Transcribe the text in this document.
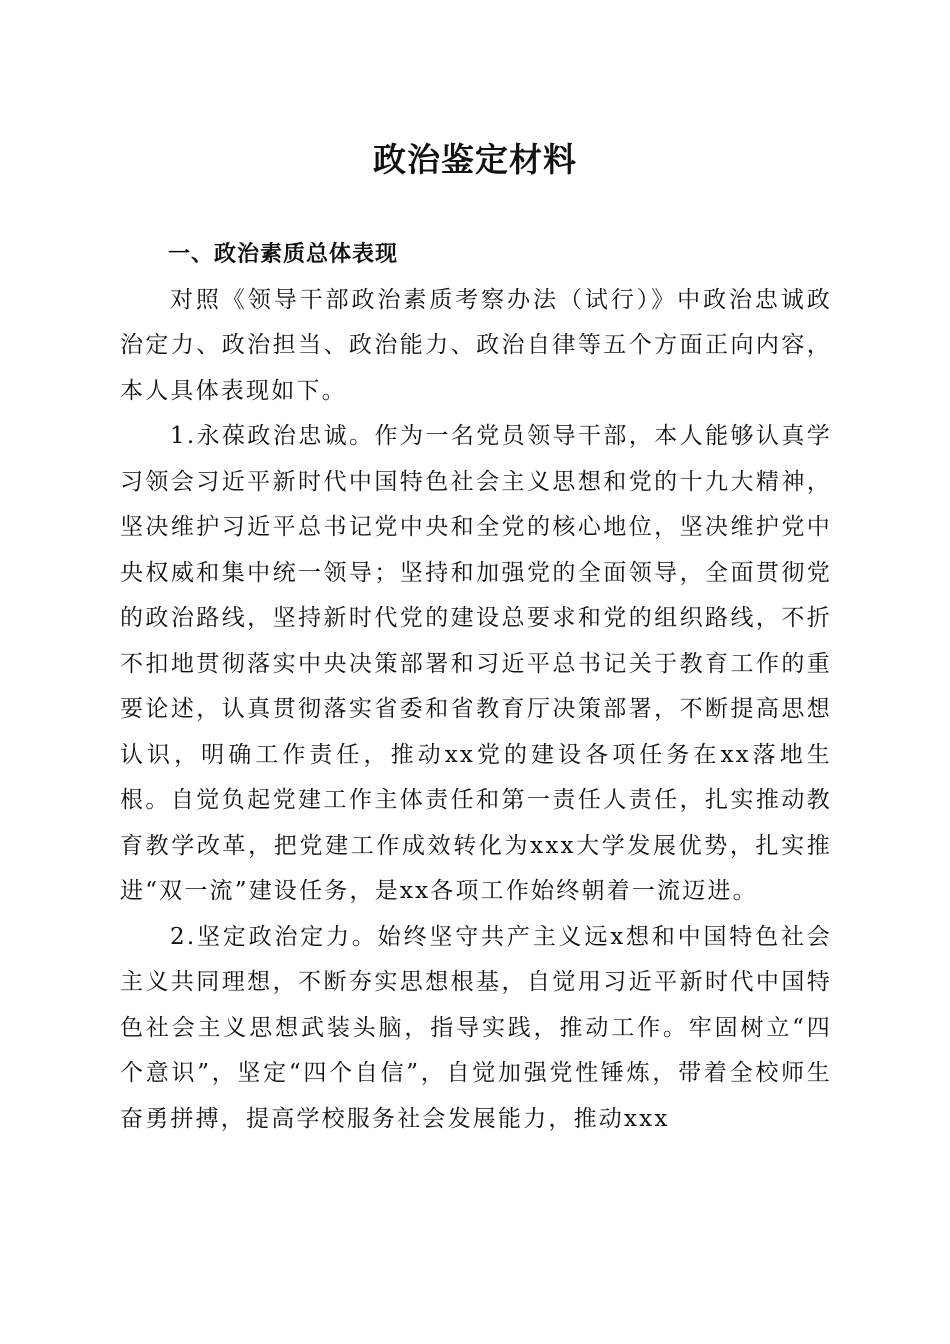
政治鉴定材料

一、政治素质总体表现

对照《领导干部政治素质考察办法（试行）》中政治忠诚政治定力、政治担当、政治能力、政治自律等五个方面正向内容，本人具体表现如下。

1.永葆政治忠诚。作为一名党员领导干部，本人能够认真学习领会习近平新时代中国特色社会主义思想和党的十九大精神，坚决维护习近平总书记党中央和全党的核心地位，坚决维护党中央权威和集中统一领导；坚持和加强党的全面领导，全面贯彻党的政治路线，坚持新时代党的建设总要求和党的组织路线，不折不扣地贯彻落实中央决策部署和习近平总书记关于教育工作的重要论述，认真贯彻落实省委和省教育厅决策部署，不断提高思想认识，明确工作责任，推动xx党的建设各项任务在xx落地生根。自觉负起党建工作主体责任和第一责任人责任，扎实推动教育教学改革，把党建工作成效转化为xxx大学发展优势，扎实推进“双一流”建设任务，是xx各项工作始终朝着一流迈进。

2.坚定政治定力。始终坚守共产主义远x想和中国特色社会主义共同理想，不断夯实思想根基，自觉用习近平新时代中国特色社会主义思想武装头脑，指导实践，推动工作。牢固树立“四个意识”，坚定“四个自信”，自觉加强党性锤炼，带着全校师生奋勇拼搏，提高学校服务社会发展能力，推动xxx
